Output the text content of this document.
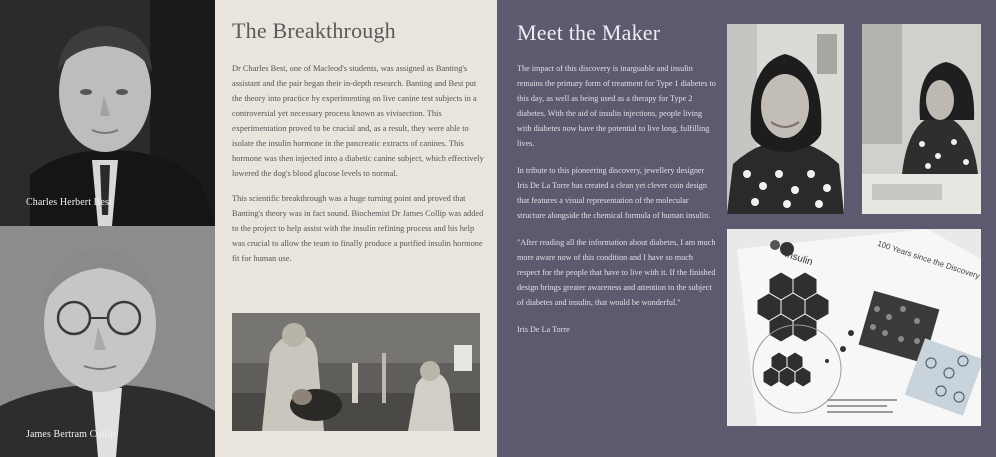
Charles Herbert Best
James Bertram Collip
The Breakthrough

Dr Charles Best, one of Macleod's students, was assigned as Banting's assistant and the pair began their in-depth research. Banting and Best put the theory into practice by experimenting on live canine test subjects in a controversial yet necessary process known as vivisection. This experimentation proved to be crucial and, as a result, they were able to isolate the insulin hormone in the pancreatic extracts of canines. This hormone was then injected into a diabetic canine subject, which effectively lowered the dog's blood glucose levels to normal.

This scientific breakthrough was a huge turning point and proved that Banting's theory was in fact sound. Biochemist Dr James Collip was added to the project to help assist with the insulin refining process and his help was crucial to allow the team to finally produce a purified insulin hormone fit for human use.

Meet the Maker

The impact of this discovery is inarguable and insulin remains the primary form of treatment for Type 1 diabetes to this day, as well as being used as a therapy for Type 2 diabetes. With the aid of insulin injections, people living with diabetes now have the potential to live long, fulfilling lives.

In tribute to this pioneering discovery, jewellery designer Iris De La Torre has created a clean yet clever coin design that features a visual representation of the molecular structure alongside the chemical formula of human insulin.

"After reading all the information about diabetes, I am much more aware now of this condition and I have so much respect for the people that have to live with it. If the finished design brings greater awareness and attention to the subject of diabetes and insulin, that would be wonderful."

Iris De La Torre

insulin	100 Years since the Discovery
